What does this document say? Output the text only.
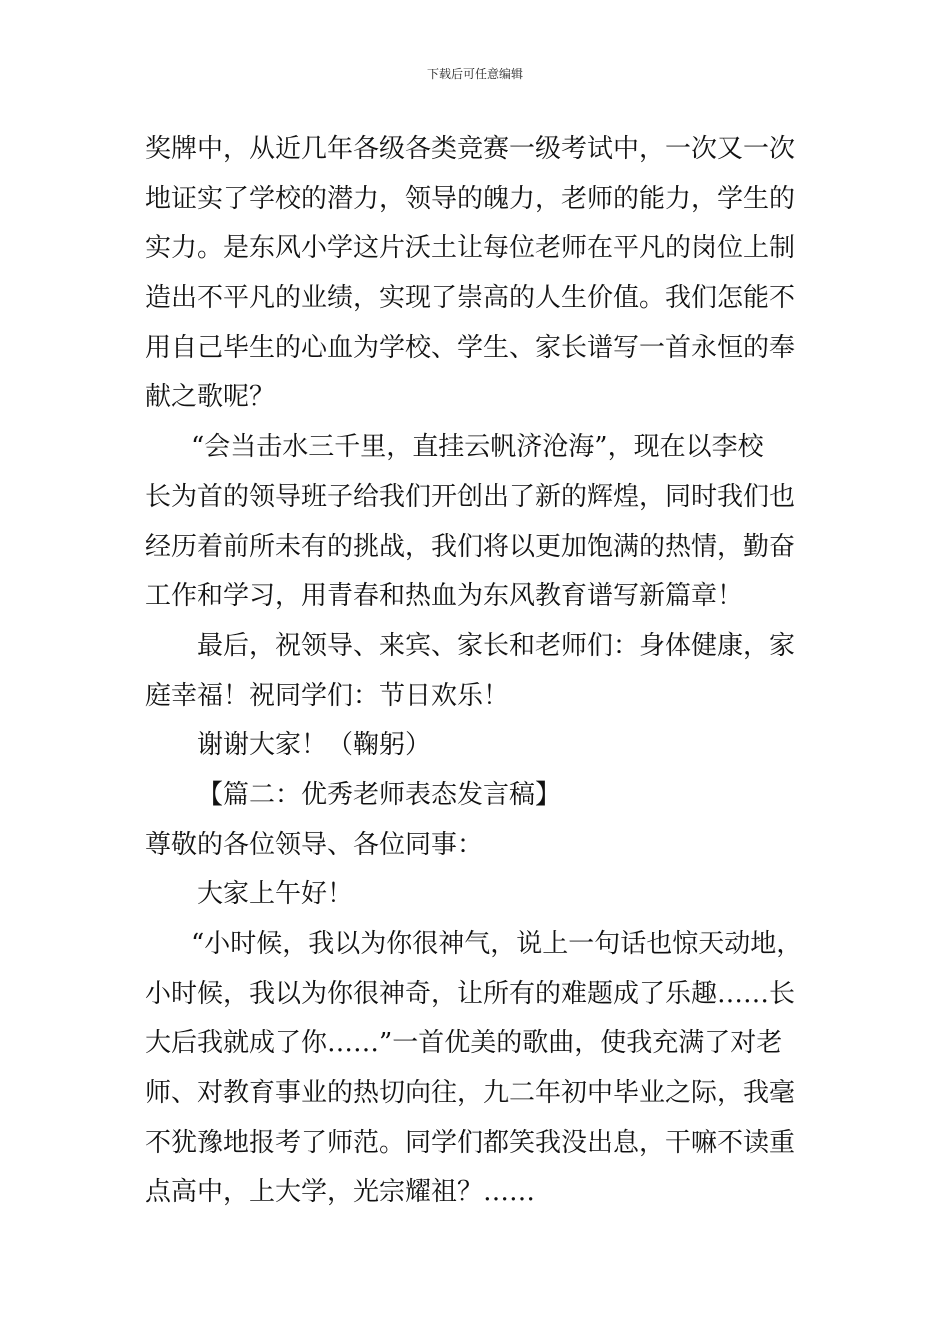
下载后可任意编辑
奖牌中，从近几年各级各类竞赛一级考试中，一次又一次
地证实了学校的潜力，领导的魄力，老师的能力，学生的
实力。是东风小学这片沃土让每位老师在平凡的岗位上制
造出不平凡的业绩，实现了崇高的人生价值。我们怎能不
用自己毕生的心血为学校、学生、家长谱写一首永恒的奉
献之歌呢？
“会当击水三千里，直挂云帆济沧海”，现在以李校
长为首的领导班子给我们开创出了新的辉煌，同时我们也
经历着前所未有的挑战，我们将以更加饱满的热情，勤奋
工作和学习，用青春和热血为东风教育谱写新篇章！
最后，祝领导、来宾、家长和老师们：身体健康，家
庭幸福！祝同学们：节日欢乐！
谢谢大家！（鞠躬）
【篇二：优秀老师表态发言稿】
尊敬的各位领导、各位同事：
大家上午好！
“小时候，我以为你很神气，说上一句话也惊天动地，
小时候，我以为你很神奇，让所有的难题成了乐趣……长
大后我就成了你……”一首优美的歌曲，使我充满了对老
师、对教育事业的热切向往，九二年初中毕业之际，我毫
不犹豫地报考了师范。同学们都笑我没出息，干嘛不读重
点高中，上大学，光宗耀祖？……
